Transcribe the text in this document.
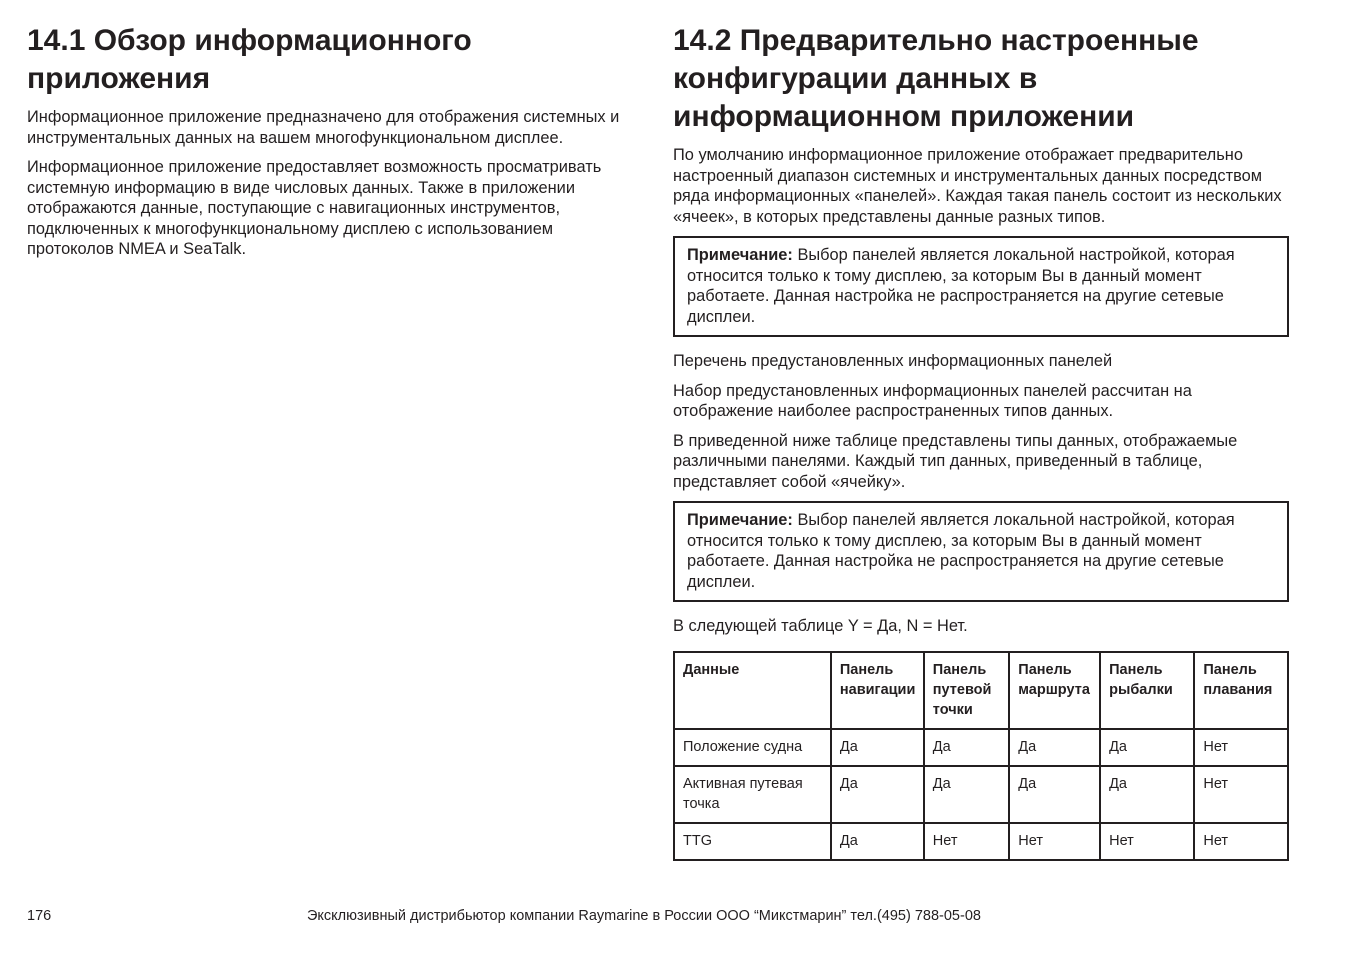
14.1 Обзор информационного приложения

Информационное приложение предназначено для отображения системных и инструментальных данных на вашем многофункциональном дисплее.

Информационное приложение предоставляет возможность просматривать системную информацию в виде числовых данных. Также в приложении отображаются данные, поступающие с навигационных инструментов, подключенных к многофункциональному дисплею с использованием протоколов NMEA и SeaTalk.

14.2 Предварительно настроенные конфигурации данных в информационном приложении

По умолчанию информационное приложение отображает предварительно настроенный диапазон системных и инструментальных данных посредством ряда информационных «панелей». Каждая такая панель состоит из нескольких «ячеек», в которых представлены данные разных типов.

Примечание: Выбор панелей является локальной настройкой, которая относится только к тому дисплею, за которым Вы в данный момент работаете. Данная настройка не распространяется на другие сетевые дисплеи.

Перечень предустановленных информационных панелей

Набор предустановленных информационных панелей рассчитан на отображение наиболее распространенных типов данных.

В приведенной ниже таблице представлены типы данных, отображаемые различными панелями. Каждый тип данных, приведенный в таблице, представляет собой «ячейку».

Примечание: Выбор панелей является локальной настройкой, которая относится только к тому дисплею, за которым Вы в данный момент работаете. Данная настройка не распространяется на другие сетевые дисплеи.

В следующей таблице Y = Да, N = Нет.

Данные	Панель навигации	Панель путевой точки	Панель маршрута	Панель рыбалки	Панель плавания
Положение судна	Да	Да	Да	Да	Нет
Активная путевая точка	Да	Да	Да	Да	Нет
TTG	Да	Нет	Нет	Нет	Нет
176	Эксклюзивный дистрибьютор компании Raymarine в России ООО “Микстмарин” тел.(495) 788-05-08
